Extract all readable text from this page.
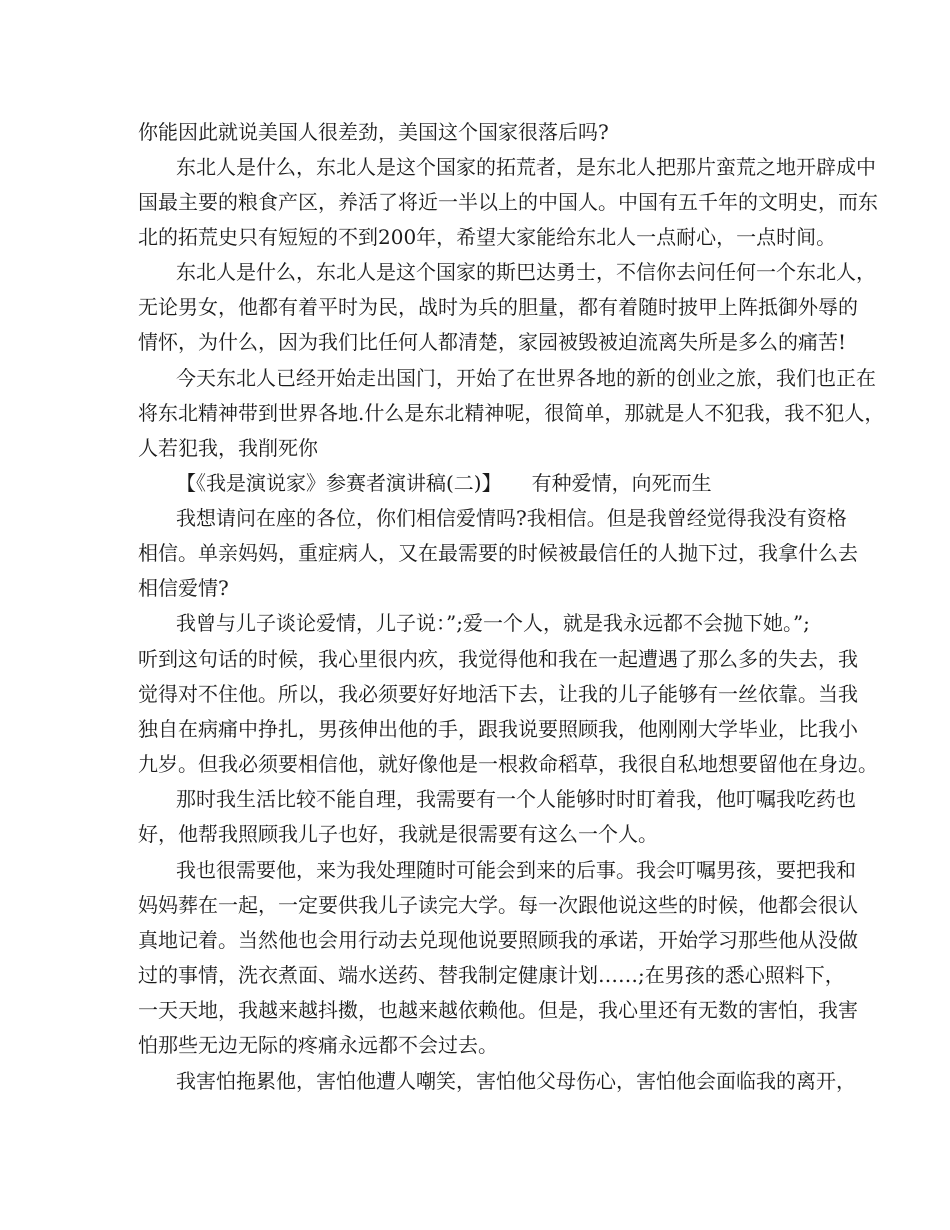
你能因此就说美国人很差劲，美国这个国家很落后吗?
东北人是什么，东北人是这个国家的拓荒者，是东北人把那片蛮荒之地开辟成中
国最主要的粮食产区，养活了将近一半以上的中国人。中国有五千年的文明史，而东
北的拓荒史只有短短的不到200年，希望大家能给东北人一点耐心，一点时间。
东北人是什么，东北人是这个国家的斯巴达勇士，不信你去问任何一个东北人，
无论男女，他都有着平时为民，战时为兵的胆量，都有着随时披甲上阵抵御外辱的
情怀，为什么，因为我们比任何人都清楚，家园被毁被迫流离失所是多么的痛苦!
今天东北人已经开始走出国门，开始了在世界各地的新的创业之旅，我们也正在
将东北精神带到世界各地.什么是东北精神呢，很简单，那就是人不犯我，我不犯人，
人若犯我，我削死你
【《我是演说家》参赛者演讲稿(二)】　　有种爱情，向死而生
我想请问在座的各位，你们相信爱情吗?我相信。但是我曾经觉得我没有资格
相信。单亲妈妈，重症病人，又在最需要的时候被最信任的人抛下过，我拿什么去
相信爱情?
我曾与儿子谈论爱情，儿子说：”;爱一个人，就是我永远都不会抛下她。”;
听到这句话的时候，我心里很内疚，我觉得他和我在一起遭遇了那么多的失去，我
觉得对不住他。所以，我必须要好好地活下去，让我的儿子能够有一丝依靠。当我
独自在病痛中挣扎，男孩伸出他的手，跟我说要照顾我，他刚刚大学毕业，比我小
九岁。但我必须要相信他，就好像他是一根救命稻草，我很自私地想要留他在身边。
那时我生活比较不能自理，我需要有一个人能够时时盯着我，他叮嘱我吃药也
好，他帮我照顾我儿子也好，我就是很需要有这么一个人。
我也很需要他，来为我处理随时可能会到来的后事。我会叮嘱男孩，要把我和
妈妈葬在一起，一定要供我儿子读完大学。每一次跟他说这些的时候，他都会很认
真地记着。当然他也会用行动去兑现他说要照顾我的承诺，开始学习那些他从没做
过的事情，洗衣煮面、端水送药、替我制定健康计划……;在男孩的悉心照料下，
一天天地，我越来越抖擞，也越来越依赖他。但是，我心里还有无数的害怕，我害
怕那些无边无际的疼痛永远都不会过去。
我害怕拖累他，害怕他遭人嘲笑，害怕他父母伤心，害怕他会面临我的离开，
